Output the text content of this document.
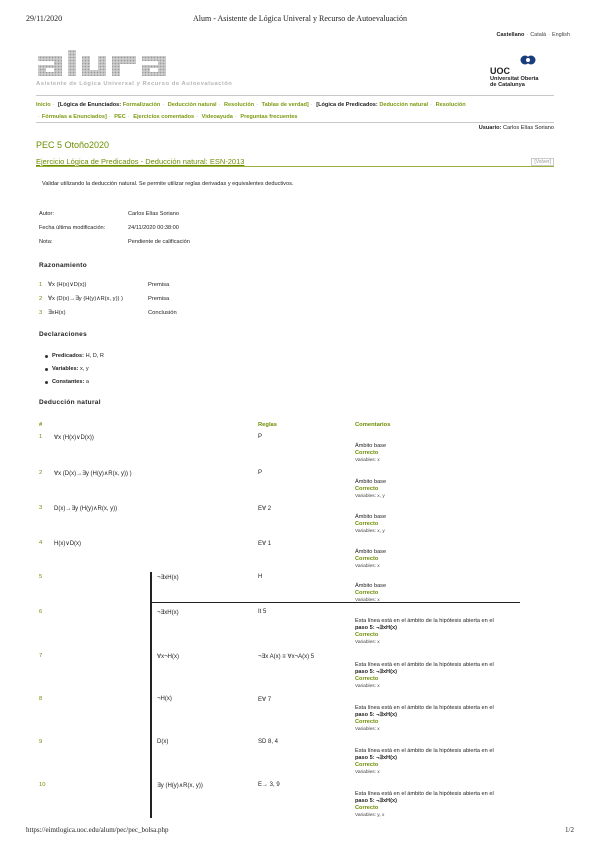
29/11/2020	Alum - Asistente de Lógica Univeral y Recurso de Autoevaluación
Castellano · Català · English
Asistente de Lógica Universal y Recurso de Autoevaluación
UOC
Universitat Oberta
de Catalunya
Inicio · [Lógica de Enunciados: Formalización · Deducción natural · Resolución · Tablas de verdad] · [Lógica de Predicados: Deducción natural · Resolución
· Fórmulas a Enunciados] · PEC · Ejercicios comentados · Videoayuda · Preguntas frecuentes
Usuario: Carlos Elías Soriano
PEC 5 Otoño2020
Ejercicio Lógica de Predicados - Deducción natural: ESN-2013	[Volver]
Validar utilizando la deducción natural. Se permite utilizar reglas derivadas y equivalentes deductivos.
Autor:	Carlos Elías Soriano
Fecha última modificación:	24/11/2020 00:38:00
Nota:	Pendiente de calificación
Razonamiento
1 ∀x (H(x)∨D(x))	Premisa
2 ∀x (D(x)→∃y (H(y)∧R(x, y)) )	Premisa
3 ∃xH(x)	Conclusión
Declaraciones
Predicados: H, D, R
Variables: x, y
Constantes: a
Deducción natural
#	Reglas	Comentarios
1 ∀x (H(x)∨D(x))	P
Ámbito base
Correcto
Variables: x
2 ∀x (D(x)→∃y (H(y)∧R(x, y)) )	P
Ámbito base
Correcto
Variables: x, y
3 D(x)→∃y (H(y)∧R(x, y))	E∀ 2
Ámbito base
Correcto
Variables: x, y
4 H(x)∨D(x)	E∀ 1
Ámbito base
Correcto
Variables: x
5	¬∃xH(x)	H
Ámbito base
Correcto
Variables: x
6	¬∃xH(x)	It 5
Esta línea está en el ámbito de la hipótesis abierta en el
paso 5: ¬∃xH(x)
Correcto
Variables: x
7	∀x¬H(x)	¬∃x A(x) ≡ ∀x¬A(x) 5
Esta línea está en el ámbito de la hipótesis abierta en el
paso 5: ¬∃xH(x)
Correcto
Variables: x
8	¬H(x)	E∀ 7
Esta línea está en el ámbito de la hipótesis abierta en el
paso 5: ¬∃xH(x)
Correcto
Variables: x
9	D(x)	SD 8, 4
Esta línea está en el ámbito de la hipótesis abierta en el
paso 5: ¬∃xH(x)
Correcto
Variables: x
10	∃y (H(y)∧R(x, y))	E→ 3, 9
Esta línea está en el ámbito de la hipótesis abierta en el
paso 5: ¬∃xH(x)
Correcto
Variables: y, x
https://eimtlogica.uoc.edu/alum/pec/pec_bolsa.php	1/2
